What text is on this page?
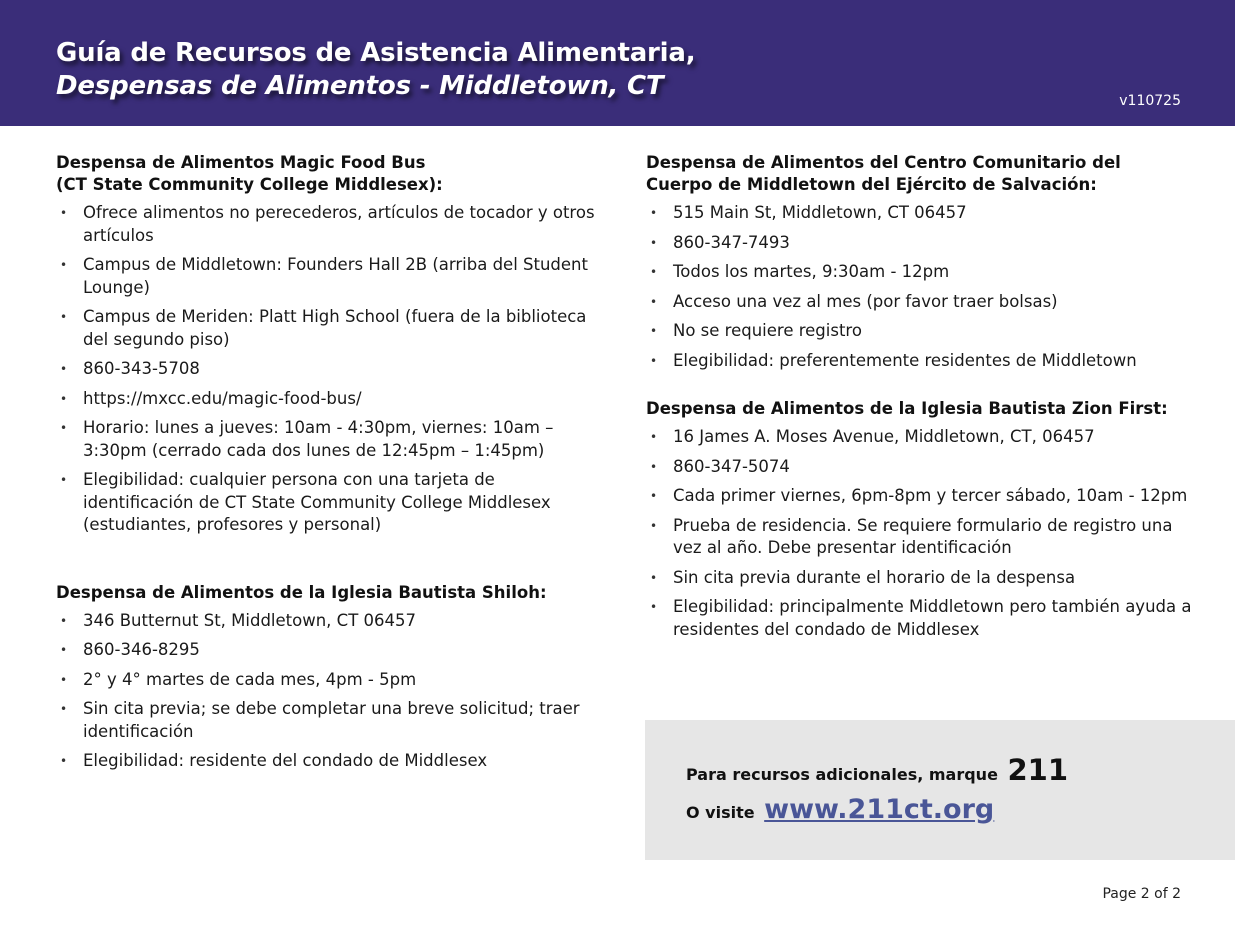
Guía de Recursos de Asistencia Alimentaria,
Despensas de Alimentos - Middletown, CT	v110725
Despensa de Alimentos Magic Food Bus
(CT State Community College Middlesex):
• Ofrece alimentos no perecederos, artículos de tocador y otros artículos
• Campus de Middletown: Founders Hall 2B (arriba del Student Lounge)
• Campus de Meriden: Platt High School (fuera de la biblioteca del segundo piso)
• 860-343-5708
• https://mxcc.edu/magic-food-bus/
• Horario: lunes a jueves: 10am - 4:30pm, viernes: 10am – 3:30pm (cerrado cada dos lunes de 12:45pm – 1:45pm)
• Elegibilidad: cualquier persona con una tarjeta de identificación de CT State Community College Middlesex (estudiantes, profesores y personal)
Despensa de Alimentos de la Iglesia Bautista Shiloh:
• 346 Butternut St, Middletown, CT 06457
• 860-346-8295
• 2° y 4° martes de cada mes, 4pm - 5pm
• Sin cita previa; se debe completar una breve solicitud; traer identificación
• Elegibilidad: residente del condado de Middlesex
Despensa de Alimentos del Centro Comunitario del
Cuerpo de Middletown del Ejército de Salvación:
• 515 Main St, Middletown, CT 06457
• 860-347-7493
• Todos los martes, 9:30am - 12pm
• Acceso una vez al mes (por favor traer bolsas)
• No se requiere registro
• Elegibilidad: preferentemente residentes de Middletown
Despensa de Alimentos de la Iglesia Bautista Zion First:
• 16 James A. Moses Avenue, Middletown, CT, 06457
• 860-347-5074
• Cada primer viernes, 6pm-8pm y tercer sábado, 10am - 12pm
• Prueba de residencia. Se requiere formulario de registro una vez al año. Debe presentar identificación
• Sin cita previa durante el horario de la despensa
• Elegibilidad: principalmente Middletown pero también ayuda a residentes del condado de Middlesex
Para recursos adicionales, marque 211
O visite www.211ct.org
Page 2 of 2
